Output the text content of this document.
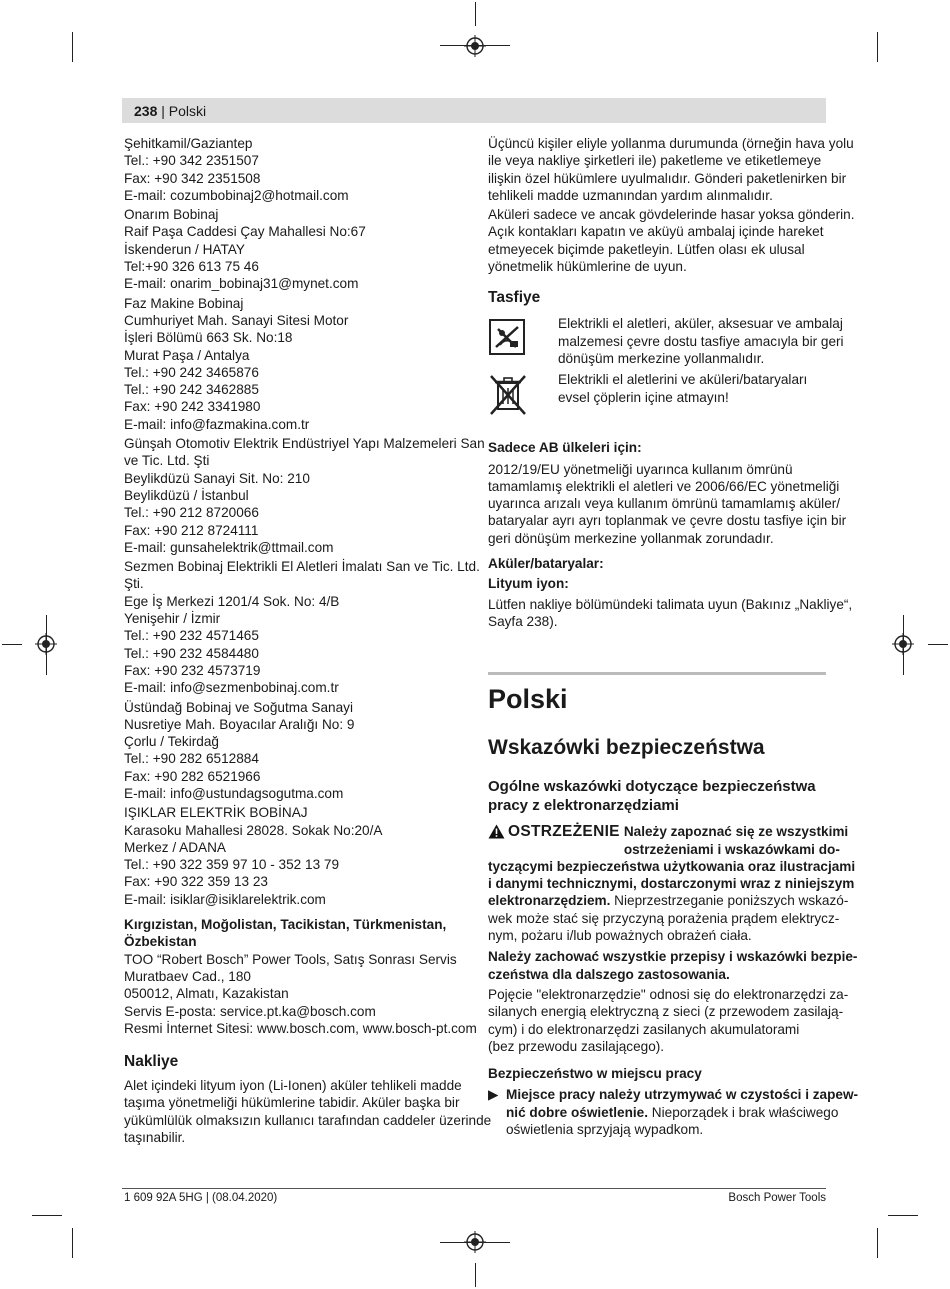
238 | Polski
Şehitkamil/Gaziantep
Tel.: +90 342 2351507
Fax: +90 342 2351508
E-mail: cozumbobinaj2@hotmail.com
Onarım Bobinaj
Raif Paşa Caddesi Çay Mahallesi No:67
İskenderun / HATAY
Tel:+90 326 613 75 46
E-mail: onarim_bobinaj31@mynet.com
Faz Makine Bobinaj
Cumhuriyet Mah. Sanayi Sitesi Motor
İşleri Bölümü 663 Sk. No:18
Murat Paşa / Antalya
Tel.: +90 242 3465876
Tel.: +90 242 3462885
Fax: +90 242 3341980
E-mail: info@fazmakina.com.tr
Günşah Otomotiv Elektrik Endüstriyel Yapı Malzemeleri San
ve Tic. Ltd. Şti
Beylikdüzü Sanayi Sit. No: 210
Beylikdüzü / İstanbul
Tel.: +90 212 8720066
Fax: +90 212 8724111
E-mail: gunsahelektrik@ttmail.com
Sezmen Bobinaj Elektrikli El Aletleri İmalatı San ve Tic. Ltd.
Şti.
Ege İş Merkezi 1201/4 Sok. No: 4/B
Yenişehir / İzmir
Tel.: +90 232 4571465
Tel.: +90 232 4584480
Fax: +90 232 4573719
E-mail: info@sezmenbobinaj.com.tr
Üstündağ Bobinaj ve Soğutma Sanayi
Nusretiye Mah. Boyacılar Aralığı No: 9
Çorlu / Tekirdağ
Tel.: +90 282 6512884
Fax: +90 282 6521966
E-mail: info@ustundagsogutma.com
IŞIKLAR ELEKTRİK BOBİNAJ
Karasoku Mahallesi 28028. Sokak No:20/A
Merkez / ADANA
Tel.: +90 322 359 97 10 - 352 13 79
Fax: +90 322 359 13 23
E-mail: isiklar@isiklarelektrik.com
Kırgızistan, Moğolistan, Tacikistan, Türkmenistan,
Özbekistan
TOO “Robert Bosch” Power Tools, Satış Sonrası Servis
Muratbaev Cad., 180
050012, Almatı, Kazakistan
Servis E-posta: service.pt.ka@bosch.com
Resmi İnternet Sitesi: www.bosch.com, www.bosch-pt.com
Nakliye
Alet içindeki lityum iyon (Li-Ionen) aküler tehlikeli madde
taşıma yönetmeliği hükümlerine tabidir. Aküler başka bir
yükümlülük olmaksızın kullanıcı tarafından caddeler üzerinde
taşınabilir.
Üçüncü kişiler eliyle yollanma durumunda (örneğin hava yolu
ile veya nakliye şirketleri ile) paketleme ve etiketlemeye
ilişkin özel hükümlere uyulmalıdır. Gönderi paketlenirken bir
tehlikeli madde uzmanından yardım alınmalıdır.
Aküleri sadece ve ancak gövdelerinde hasar yoksa gönderin.
Açık kontakları kapatın ve aküyü ambalaj içinde hareket
etmeyecek biçimde paketleyin. Lütfen olası ek ulusal
yönetmelik hükümlerine de uyun.
Tasfiye
Elektrikli el aletleri, aküler, aksesuar ve ambalaj
malzemesi çevre dostu tasfiye amacıyla bir geri
dönüşüm merkezine yollanmalıdır.
Elektrikli el aletlerini ve aküleri/bataryaları
evsel çöplerin içine atmayın!
Sadece AB ülkeleri için:
2012/19/EU yönetmeliği uyarınca kullanım ömrünü
tamamlamış elektrikli el aletleri ve 2006/66/EC yönetmeliği
uyarınca arızalı veya kullanım ömrünü tamamlamış aküler/
bataryalar ayrı ayrı toplanmak ve çevre dostu tasfiye için bir
geri dönüşüm merkezine yollanmak zorundadır.
Aküler/bataryalar:
Lityum iyon:
Lütfen nakliye bölümündeki talimata uyun (Bakınız „Nakliye“,
Sayfa 238).
Polski
Wskazówki bezpieczeństwa
Ogólne wskazówki dotyczące bezpieczeństwa
pracy z elektronarzędziami
OSTRZEŻENIE Należy zapoznać się ze wszystkimi
ostrzeżeniami i wskazówkami do-
tyczącymi bezpieczeństwa użytkowania oraz ilustracjami
i danymi technicznymi, dostarczonymi wraz z niniejszym
elektronarzędziem. Nieprzestrzeganie poniższych wskazó-
wek może stać się przyczyną porażenia prądem elektrycz-
nym, pożaru i/lub poważnych obrażeń ciała.
Należy zachować wszystkie przepisy i wskazówki bezpie-
czeństwa dla dalszego zastosowania.
Pojęcie "elektronarzędzie" odnosi się do elektronarzędzi za-
silanych energią elektryczną z sieci (z przewodem zasilają-
cym) i do elektronarzędzi zasilanych akumulatorami
(bez przewodu zasilającego).
Bezpieczeństwo w miejscu pracy
▶ Miejsce pracy należy utrzymywać w czystości i zapew-
nić dobre oświetlenie. Nieporządek i brak właściwego
oświetlenia sprzyjają wypadkom.
1 609 92A 5HG | (08.04.2020)	Bosch Power Tools
